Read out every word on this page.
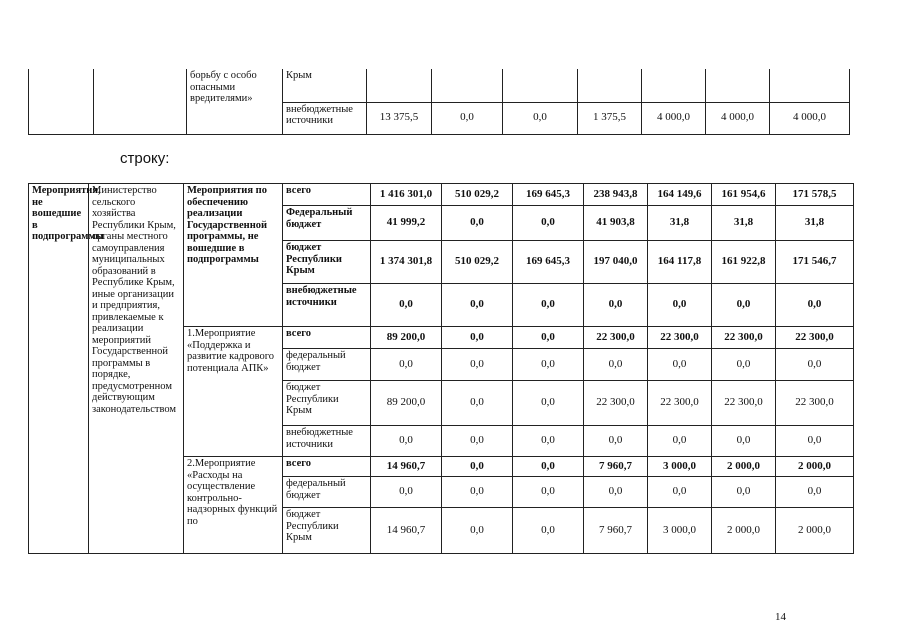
		борьбу с особо опасными вредителями»	Крым							
			внебюджетные источники	13 375,5	0,0	0,0	1 375,5	4 000,0	4 000,0	4 000,0
строку:
Мероприятия, не вошедшие в подпрограммы	Министерство сельского хозяйства Республики Крым, органы местного самоуправления муниципальных образований в Республике Крым, иные организации и предприятия, привлекаемые к реализации мероприятий Государственной программы в порядке, предусмотренном действующим законодательством	Мероприятия по обеспечению реализации Государственной программы, не вошедшие в подпрограммы	всего	1 416 301,0	510 029,2	169 645,3	238 943,8	164 149,6	161 954,6	171 578,5
			Федеральный бюджет	41 999,2	0,0	0,0	41 903,8	31,8	31,8	31,8
			бюджет Республики Крым	1 374 301,8	510 029,2	169 645,3	197 040,0	164 117,8	161 922,8	171 546,7
			внебюджетные источники	0,0	0,0	0,0	0,0	0,0	0,0	0,0
		1.Мероприятие «Поддержка и развитие кадрового потенциала АПК»	всего	89 200,0	0,0	0,0	22 300,0	22 300,0	22 300,0	22 300,0
			федеральный бюджет	0,0	0,0	0,0	0,0	0,0	0,0	0,0
			бюджет Республики Крым	89 200,0	0,0	0,0	22 300,0	22 300,0	22 300,0	22 300,0
			внебюджетные источники	0,0	0,0	0,0	0,0	0,0	0,0	0,0
		2.Мероприятие «Расходы на осуществление контрольно-надзорных функций по	всего	14 960,7	0,0	0,0	7 960,7	3 000,0	2 000,0	2 000,0
			федеральный бюджет	0,0	0,0	0,0	0,0	0,0	0,0	0,0
			бюджет Республики Крым	14 960,7	0,0	0,0	7 960,7	3 000,0	2 000,0	2 000,0
14
